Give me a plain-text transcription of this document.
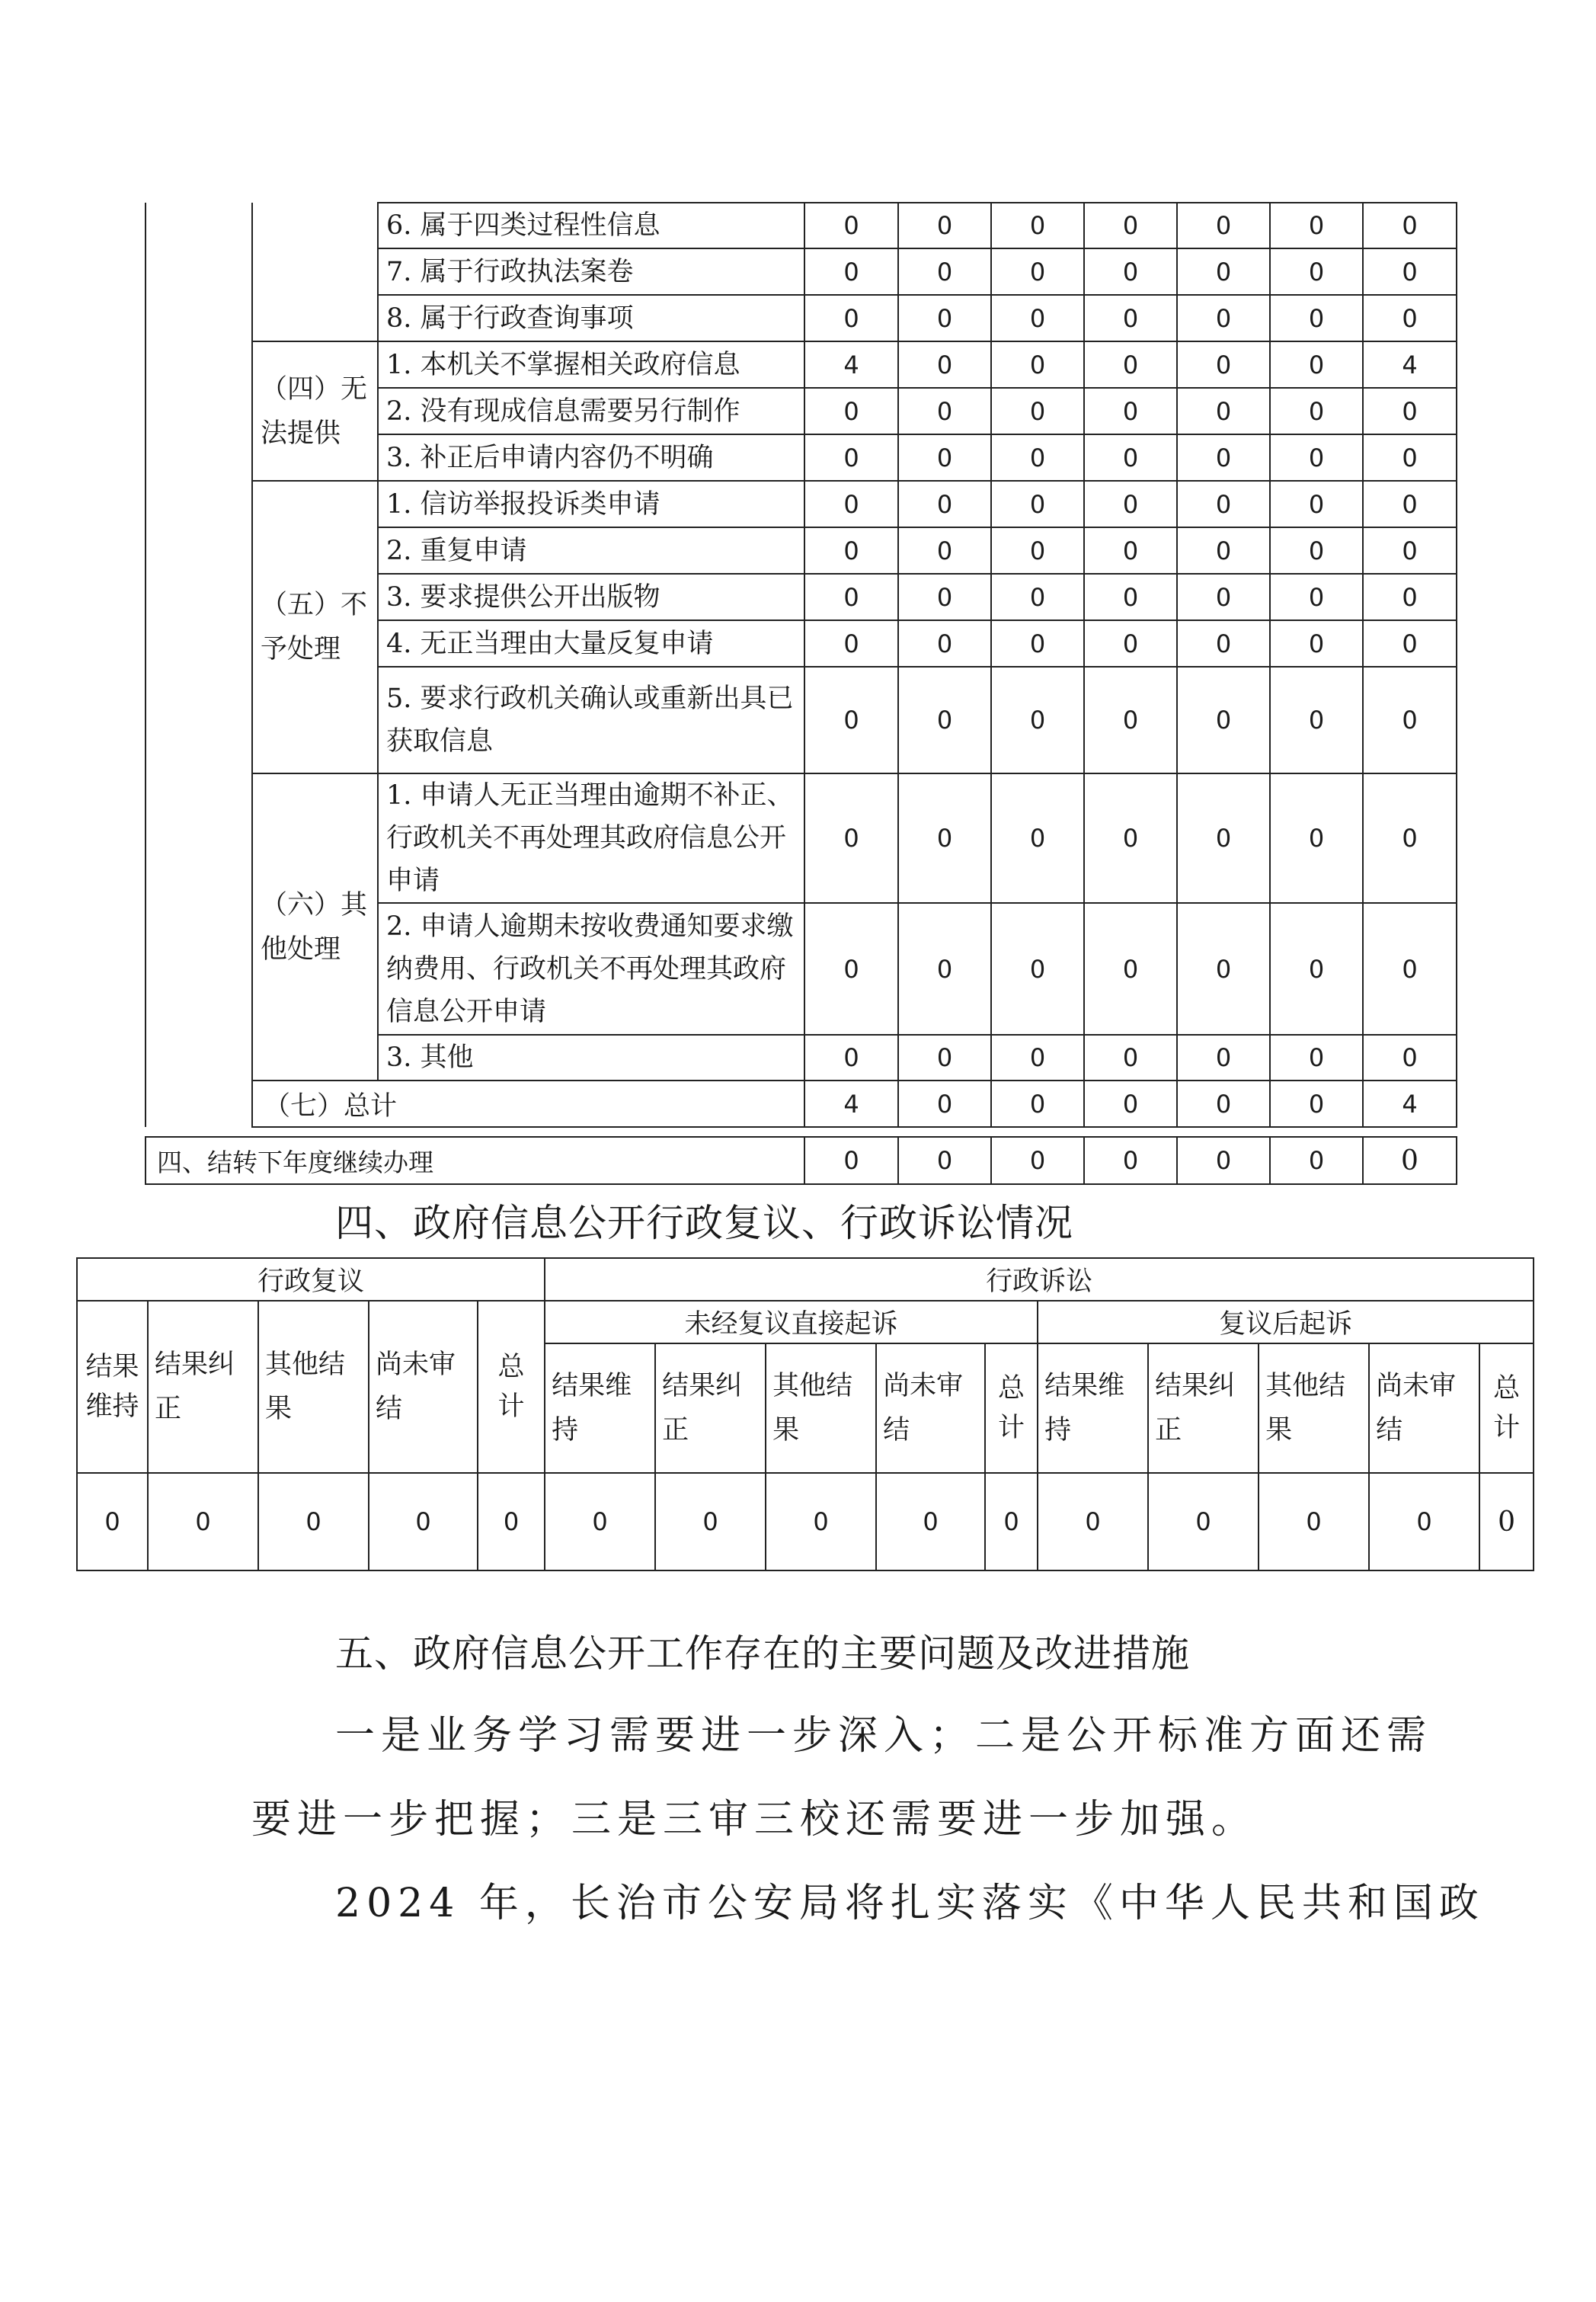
		6. 属于四类过程性信息	0	0	0	0	0	0	0
		7. 属于行政执法案卷	0	0	0	0	0	0	0
		8. 属于行政查询事项	0	0	0	0	0	0	0
	（四）无法提供	1. 本机关不掌握相关政府信息	4	0	0	0	0	0	4
		2. 没有现成信息需要另行制作	0	0	0	0	0	0	0
		3. 补正后申请内容仍不明确	0	0	0	0	0	0	0
	（五）不予处理	1. 信访举报投诉类申请	0	0	0	0	0	0	0
		2. 重复申请	0	0	0	0	0	0	0
		3. 要求提供公开出版物	0	0	0	0	0	0	0
		4. 无正当理由大量反复申请	0	0	0	0	0	0	0
		5. 要求行政机关确认或重新出具已获取信息	0	0	0	0	0	0	0
	（六）其他处理	1. 申请人无正当理由逾期不补正、行政机关不再处理其政府信息公开申请	0	0	0	0	0	0	0
		2. 申请人逾期未按收费通知要求缴纳费用、行政机关不再处理其政府信息公开申请	0	0	0	0	0	0	0
		3. 其他	0	0	0	0	0	0	0
	（七）总计		4	0	0	0	0	0	4
四、结转下年度继续办理	0	0	0	0	0	0	0
四、政府信息公开行政复议、行政诉讼情况
行政复议					行政诉讼									
结果维持	结果纠正	其他结果	尚未审结	总计	未经复议直接起诉					复议后起诉				
					结果维持	结果纠正	其他结果	尚未审结	总计	结果维持	结果纠正	其他结果	尚未审结	总计
0	0	0	0	0	0	0	0	0	0	0	0	0	0	0
五、政府信息公开工作存在的主要问题及改进措施
一是业务学习需要进一步深入；二是公开标准方面还需
要进一步把握；三是三审三校还需要进一步加强。
2024 年，长治市公安局将扎实落实《中华人民共和国政
